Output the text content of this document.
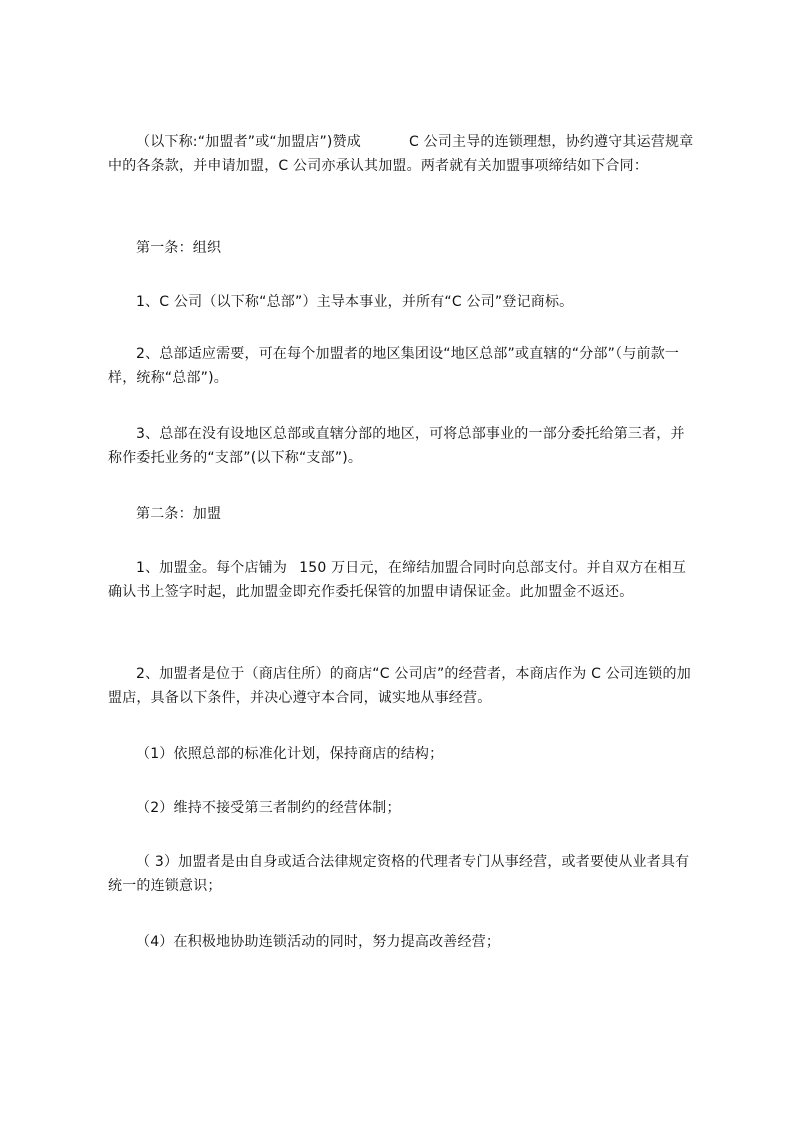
（以下称:“加盟者”或“加盟店”)赞成	C 公司主导的连锁理想，协约遵守其运营规章中的各条款，并申请加盟，C 公司亦承认其加盟。两者就有关加盟事项缔结如下合同：
第一条：组织
1、C 公司（以下称“总部”）主导本事业，并所有“C 公司”登记商标。
2、总部适应需要，可在每个加盟者的地区集团设“地区总部”或直辖的“分部”（与前款一样，统称“总部”)。
3、总部在没有设地区总部或直辖分部的地区，可将总部事业的一部分委托给第三者，并称作委托业务的“支部”(以下称“支部”)。
第二条：加盟
1、加盟金。每个店铺为 150 万日元，在缔结加盟合同时向总部支付。并自双方在相互确认书上签字时起，此加盟金即充作委托保管的加盟申请保证金。此加盟金不返还。
2、加盟者是位于（商店住所）的商店“C 公司店”的经营者，本商店作为 C 公司连锁的加盟店，具备以下条件，并决心遵守本合同，诚实地从事经营。
（1）依照总部的标准化计划，保持商店的结构；
（2）维持不接受第三者制约的经营体制；
（ 3）加盟者是由自身或适合法律规定资格的代理者专门从事经营，或者要使从业者具有统一的连锁意识；
（4）在积极地协助连锁活动的同时，努力提高改善经营；
